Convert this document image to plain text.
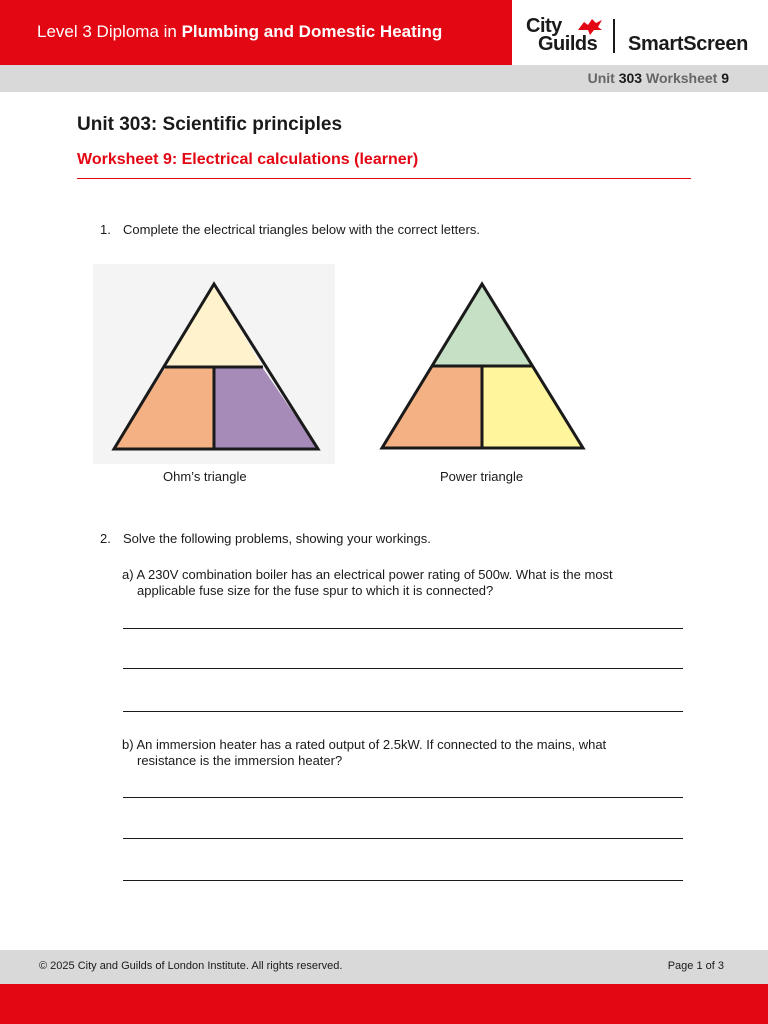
Level 3 Diploma in Plumbing and Domestic Heating	City
Guilds SmartScreen
Unit 303 Worksheet 9
Unit 303: Scientific principles
Worksheet 9: Electrical calculations (learner)
1. Complete the electrical triangles below with the correct letters.
Ohm’s triangle	Power triangle
2. Solve the following problems, showing your workings.
a) A 230V combination boiler has an electrical power rating of 500w. What is the most
applicable fuse size for the fuse spur to which it is connected?
b) An immersion heater has a rated output of 2.5kW. If connected to the mains, what
resistance is the immersion heater?
© 2025 City and Guilds of London Institute. All rights reserved.	Page 1 of 3
